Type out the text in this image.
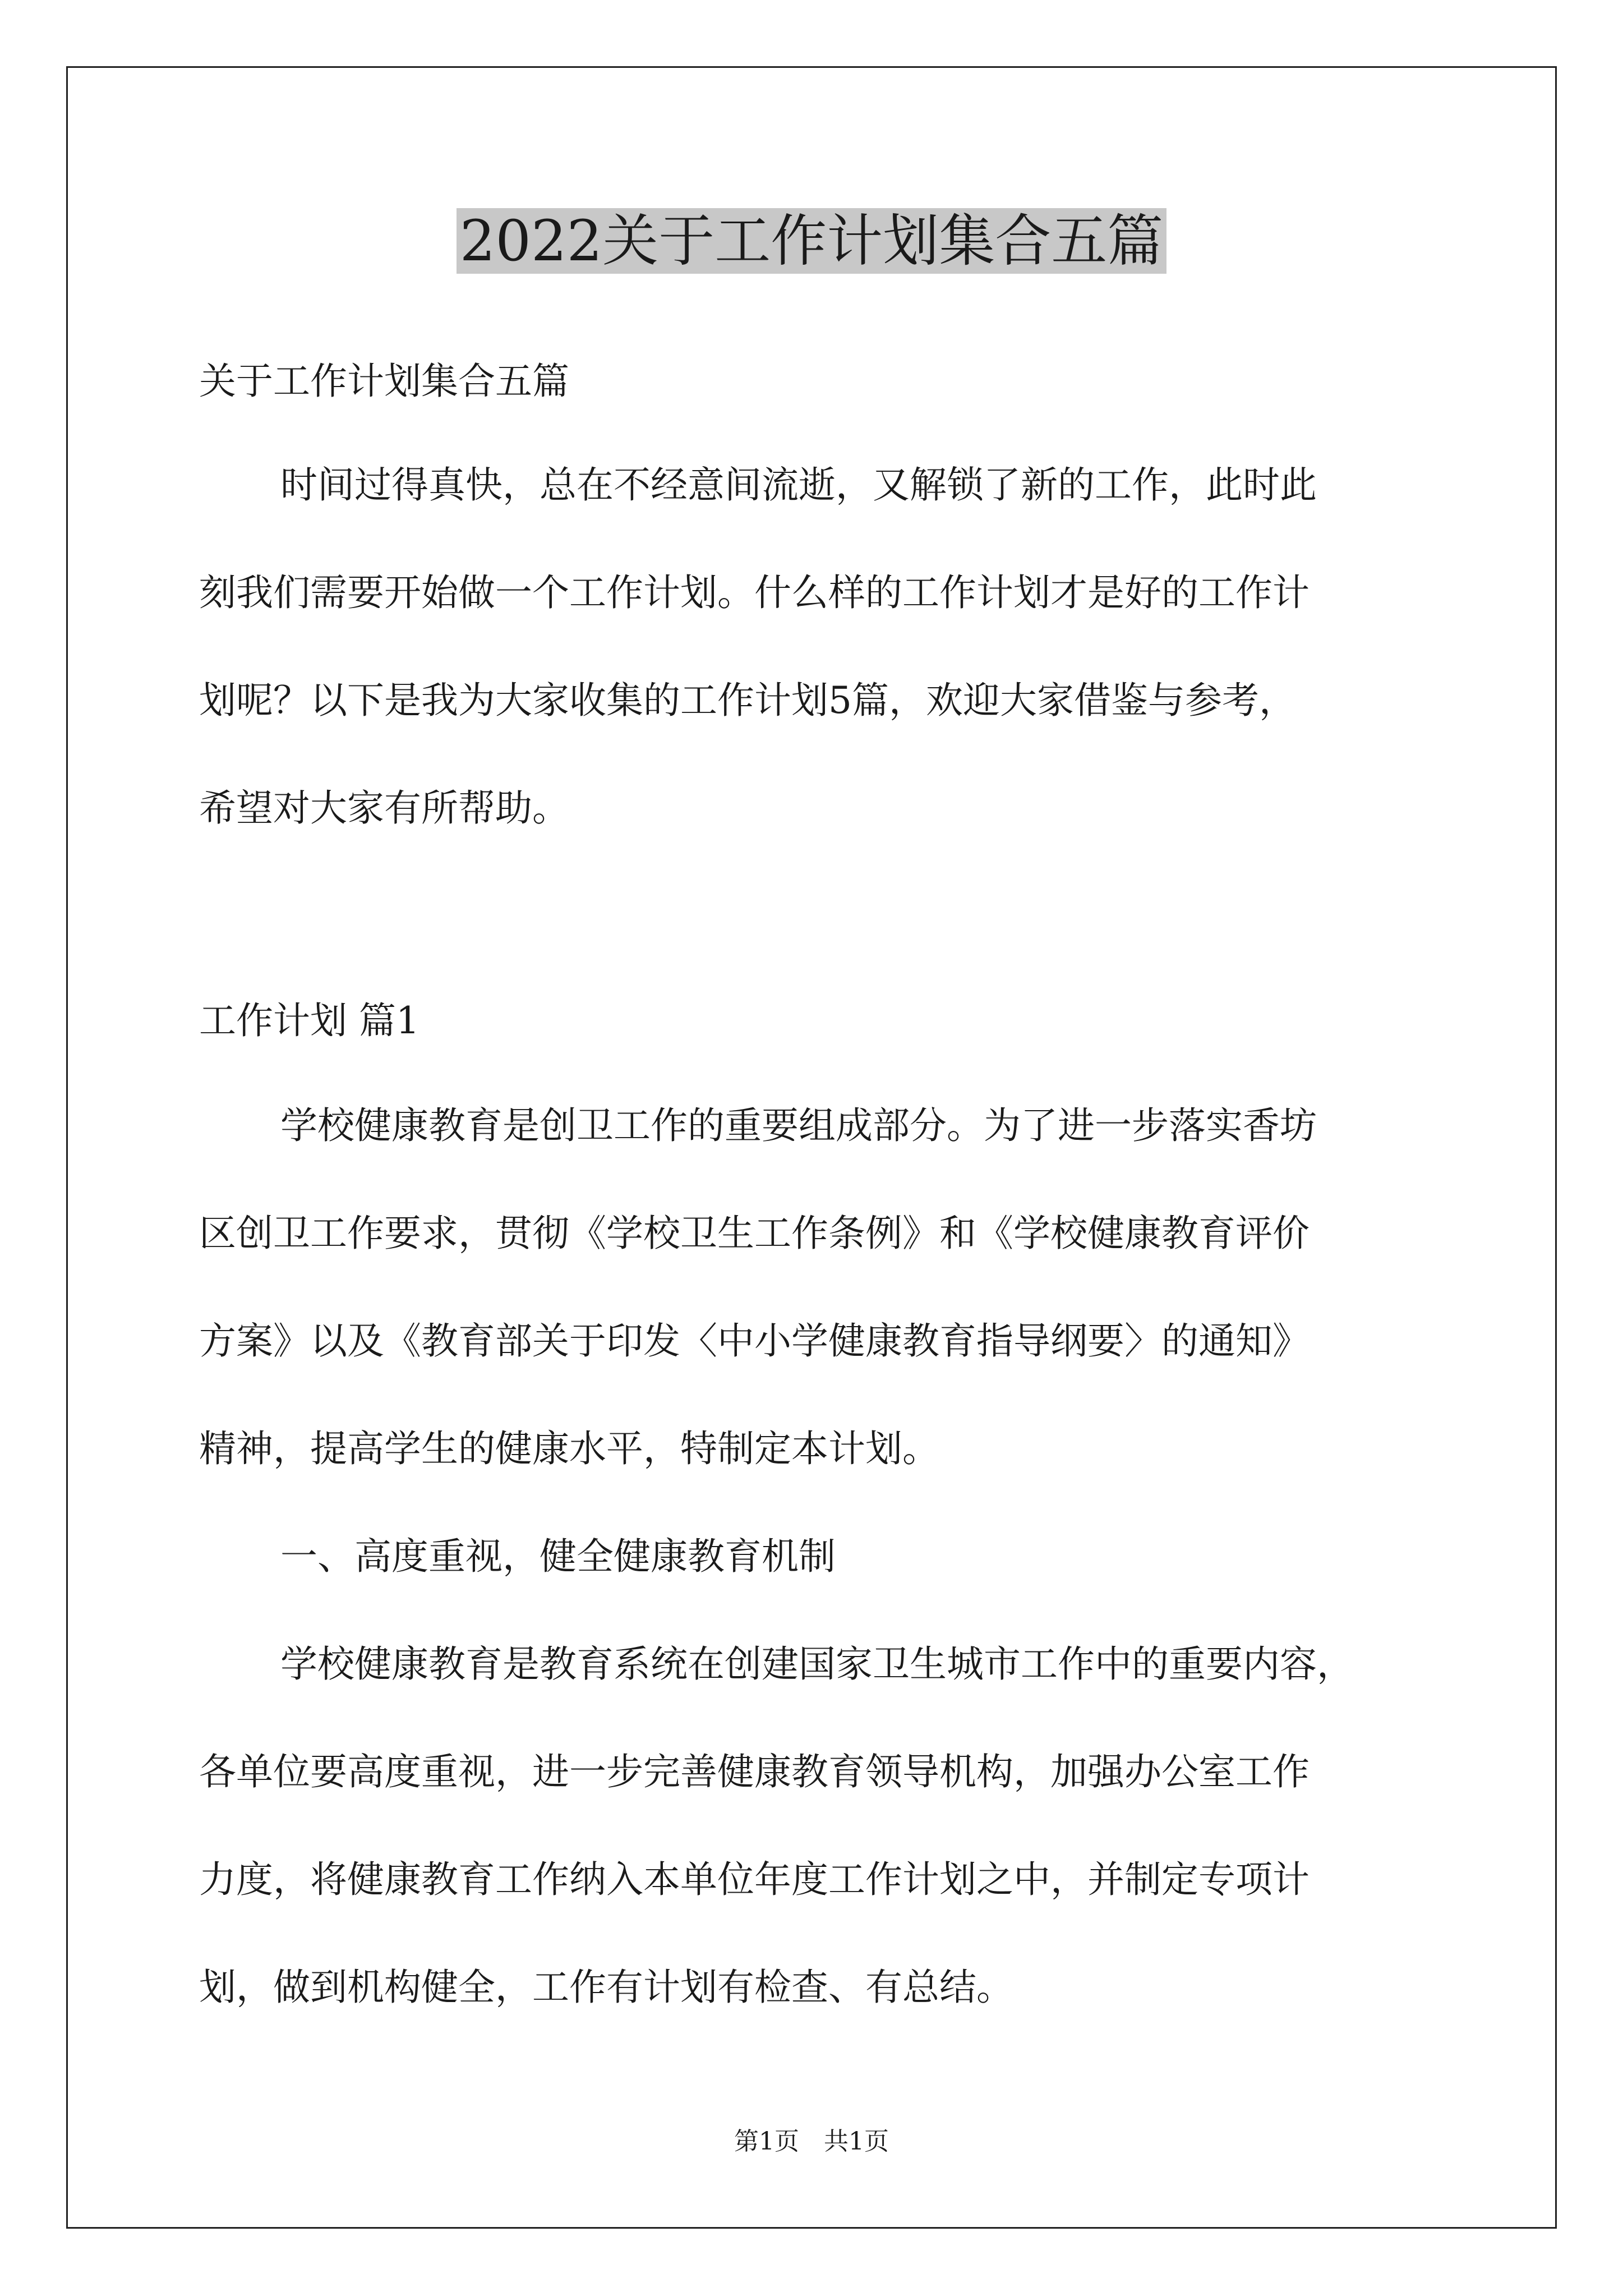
2022关于工作计划集合五篇

关于工作计划集合五篇

时间过得真快，总在不经意间流逝，又解锁了新的工作，此时此

刻我们需要开始做一个工作计划。什么样的工作计划才是好的工作计

划呢？以下是我为大家收集的工作计划5篇，欢迎大家借鉴与参考，

希望对大家有所帮助。

工作计划 篇1

学校健康教育是创卫工作的重要组成部分。为了进一步落实香坊

区创卫工作要求，贯彻《学校卫生工作条例》和《学校健康教育评价

方案》以及《教育部关于印发〈中小学健康教育指导纲要〉的通知》

精神，提高学生的健康水平，特制定本计划。

一、高度重视，健全健康教育机制

学校健康教育是教育系统在创建国家卫生城市工作中的重要内容，

各单位要高度重视，进一步完善健康教育领导机构，加强办公室工作

力度，将健康教育工作纳入本单位年度工作计划之中，并制定专项计

划，做到机构健全，工作有计划有检查、有总结。

第1页　共1页
